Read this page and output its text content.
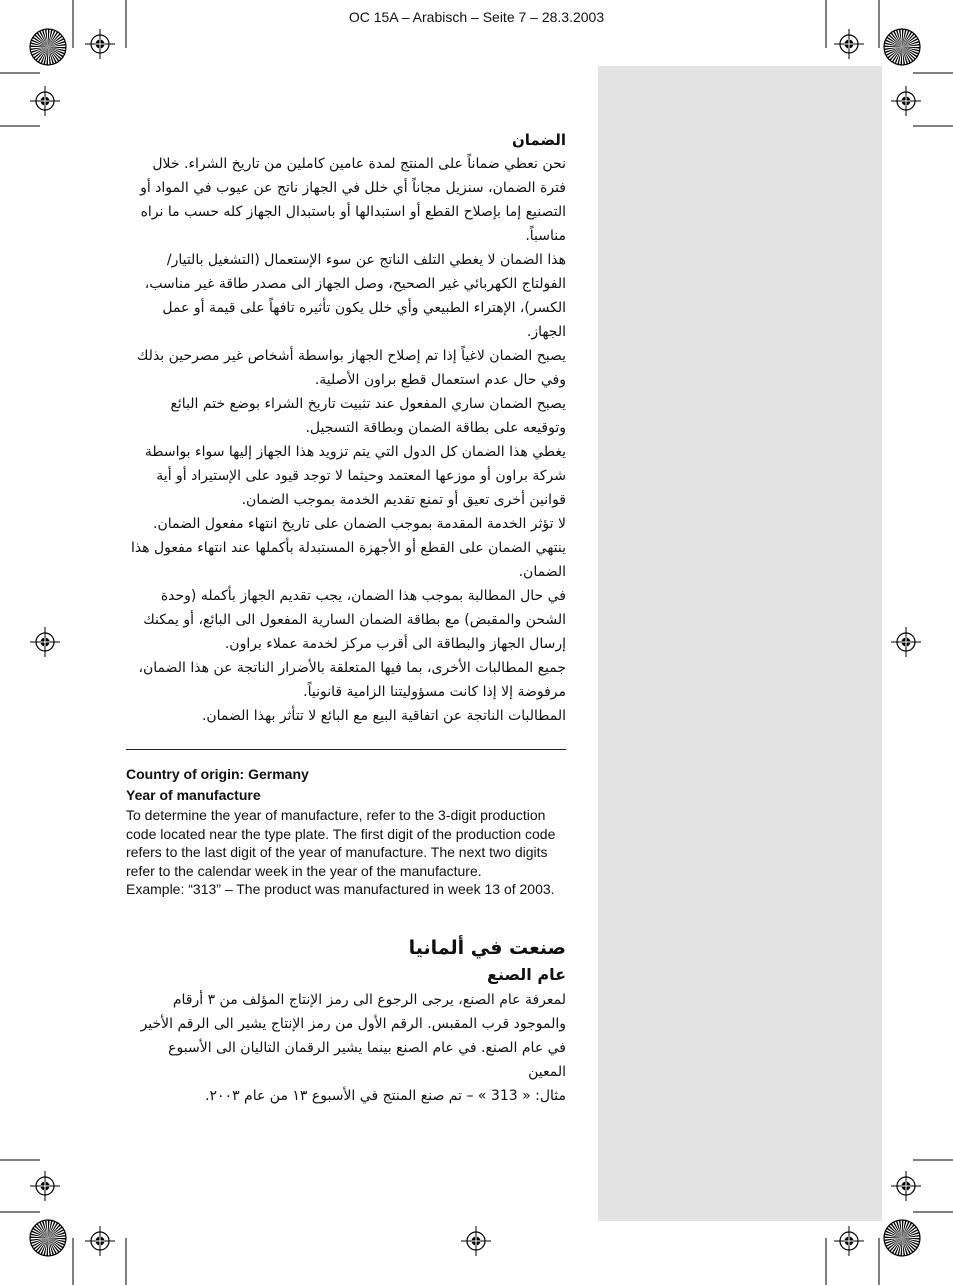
OC 15A – Arabisch – Seite 7 – 28.3.2003

الضمان

نحن نعطي ضماناً على المنتج لمدة عامين كاملين من تاريخ الشراء. خلال فترة الضمان، سنزيل مجاناً أي خلل في الجهاز ناتج عن عيوب في المواد أو التصنيع إما بإصلاح القطع أو استبدالها أو باستبدال الجهاز كله حسب ما نراه مناسباً.

هذا الضمان لا يغطي التلف الناتج عن سوء الإستعمال (التشغيل بالتيار/ الفولتاج الكهربائي غير الصحيح، وصل الجهاز الى مصدر طاقة غير مناسب، الكسر)، الإهتراء الطبيعي وأي خلل يكون تأثيره تافهاً على قيمة أو عمل الجهاز.

يصبح الضمان لاغياً إذا تم إصلاح الجهاز بواسطة أشخاص غير مصرحين بذلك وفي حال عدم استعمال قطع براون الأصلية.

يصبح الضمان ساري المفعول عند تثبيت تاريخ الشراء بوضع ختم البائع وتوقيعه على بطاقة الضمان وبطاقة التسجيل.

يغطي هذا الضمان كل الدول التي يتم تزويد هذا الجهاز إليها سواء بواسطة شركة براون أو موزعها المعتمد وحيثما لا توجد قيود على الإستيراد أو أية قوانين أخرى تعيق أو تمنع تقديم الخدمة بموجب الضمان.

لا تؤثر الخدمة المقدمة بموجب الضمان على تاريخ انتهاء مفعول الضمان.

ينتهي الضمان على القطع أو الأجهزة المستبدلة بأكملها عند انتهاء مفعول هذا الضمان.

في حال المطالبة بموجب هذا الضمان، يجب تقديم الجهاز بأكمله (وحدة الشحن والمقبض) مع بطاقة الضمان السارية المفعول الى البائع، أو يمكنك إرسال الجهاز والبطاقة الى أقرب مركز لخدمة عملاء براون.

جميع المطالبات الأخرى، بما فيها المتعلقة بالأضرار الناتجة عن هذا الضمان، مرفوضة إلا إذا كانت مسؤوليتنا الزامية قانونياً.

المطالبات الناتجة عن اتفاقية البيع مع البائع لا تتأثر بهذا الضمان.

Country of origin: Germany

Year of manufacture

To determine the year of manufacture, refer to the 3-digit production code located near the type plate. The first digit of the production code refers to the last digit of the year of manufacture. The next two digits refer to the calendar week in the year of the manufacture.

Example: “313” – The product was manufactured in week 13 of 2003.

صنعت في ألمانيا

عام الصنع

لمعرفة عام الصنع، يرجى الرجوع الى رمز الإنتاج المؤلف من ٣ أرقام والموجود قرب المقبس. الرقم الأول من رمز الإنتاج يشير الى الرقم الأخير في عام الصنع. في عام الصنع بينما يشير الرقمان التاليان الى الأسبوع المعين

مثال: « 313 » – تم صنع المنتج في الأسبوع ١٣ من عام ٢٠٠٣.
